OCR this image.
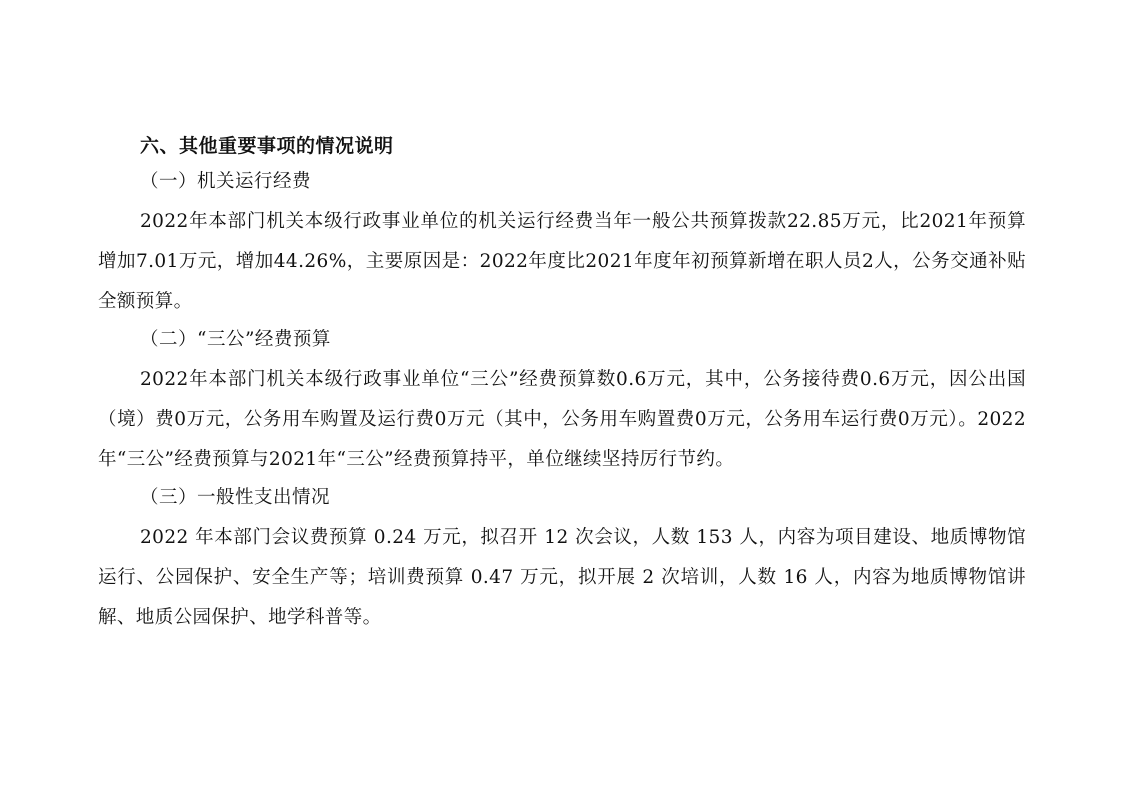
六、其他重要事项的情况说明

（一）机关运行经费

2022年本部门机关本级行政事业单位的机关运行经费当年一般公共预算拨款22.85万元，比2021年预算增加7.01万元，增加44.26%，主要原因是：2022年度比2021年度年初预算新增在职人员2人，公务交通补贴全额预算。

（二）“三公”经费预算

2022年本部门机关本级行政事业单位“三公”经费预算数0.6万元，其中，公务接待费0.6万元，因公出国（境）费0万元，公务用车购置及运行费0万元（其中，公务用车购置费0万元，公务用车运行费0万元）。2022年“三公”经费预算与2021年“三公”经费预算持平，单位继续坚持厉行节约。

（三）一般性支出情况

2022 年本部门会议费预算 0.24 万元，拟召开 12 次会议，人数 153 人，内容为项目建设、地质博物馆运行、公园保护、安全生产等；培训费预算 0.47 万元，拟开展 2 次培训，人数 16 人，内容为地质博物馆讲解、地质公园保护、地学科普等。
